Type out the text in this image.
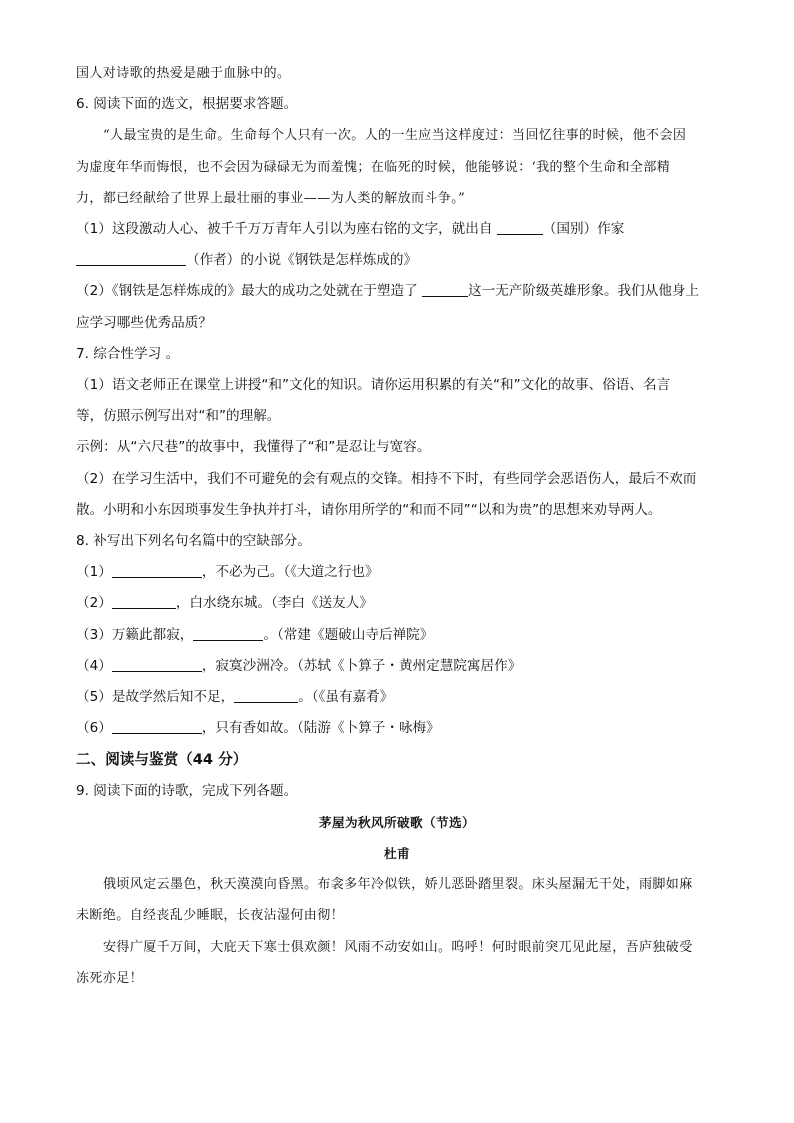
国人对诗歌的热爱是融于血脉中的。

6. 阅读下面的选文，根据要求答题。

“人最宝贵的是生命。生命每个人只有一次。人的一生应当这样度过：当回忆往事的时候，他不会因

为虚度年华而悔恨，也不会因为碌碌无为而羞愧；在临死的时候，他能够说：‘我的整个生命和全部精

力，都已经献给了世界上最壮丽的事业——为人类的解放而斗争。”

（1）这段激动人心、被千千万万青年人引以为座右铭的文字，就出自	（国别）作家

（作者）的小说《钢铁是怎样炼成的》

（2）《钢铁是怎样炼成的》最大的成功之处就在于塑造了	这一无产阶级英雄形象。我们从他身上

应学习哪些优秀品质？

7. 综合性学习 。

（1）语文老师正在课堂上讲授“和”文化的知识。请你运用积累的有关“和”文化的故事、俗语、名言

等，仿照示例写出对“和”的理解。

示例：从“六尺巷”的故事中，我懂得了“和”是忍让与宽容。

（2）在学习生活中，我们不可避免的会有观点的交锋。相持不下时，有些同学会恶语伤人，最后不欢而

散。小明和小东因琐事发生争执并打斗，请你用所学的“和而不同”“以和为贵”的思想来劝导两人。

8. 补写出下列名句名篇中的空缺部分。

（1）	，不必为己。（《大道之行也》

（2）	，白水绕东城。（李白《送友人》

（3）万籁此都寂，	。（常建《题破山寺后禅院》

（4）	，寂寞沙洲冷。（苏轼《卜算子・黄州定慧院寓居作》

（5）是故学然后知不足，	。（《虽有嘉肴》

（6）	，只有香如故。（陆游《卜算子・咏梅》

二、阅读与鉴赏（44 分）

9. 阅读下面的诗歌，完成下列各题。

茅屋为秋风所破歌（节选）

杜甫

俄顷风定云墨色，秋天漠漠向昏黑。布衾多年冷似铁，娇儿恶卧踏里裂。床头屋漏无干处，雨脚如麻

未断绝。自经丧乱少睡眠，长夜沾湿何由彻！

安得广厦千万间，大庇天下寒士俱欢颜！风雨不动安如山。呜呼！何时眼前突兀见此屋，吾庐独破受

冻死亦足！
